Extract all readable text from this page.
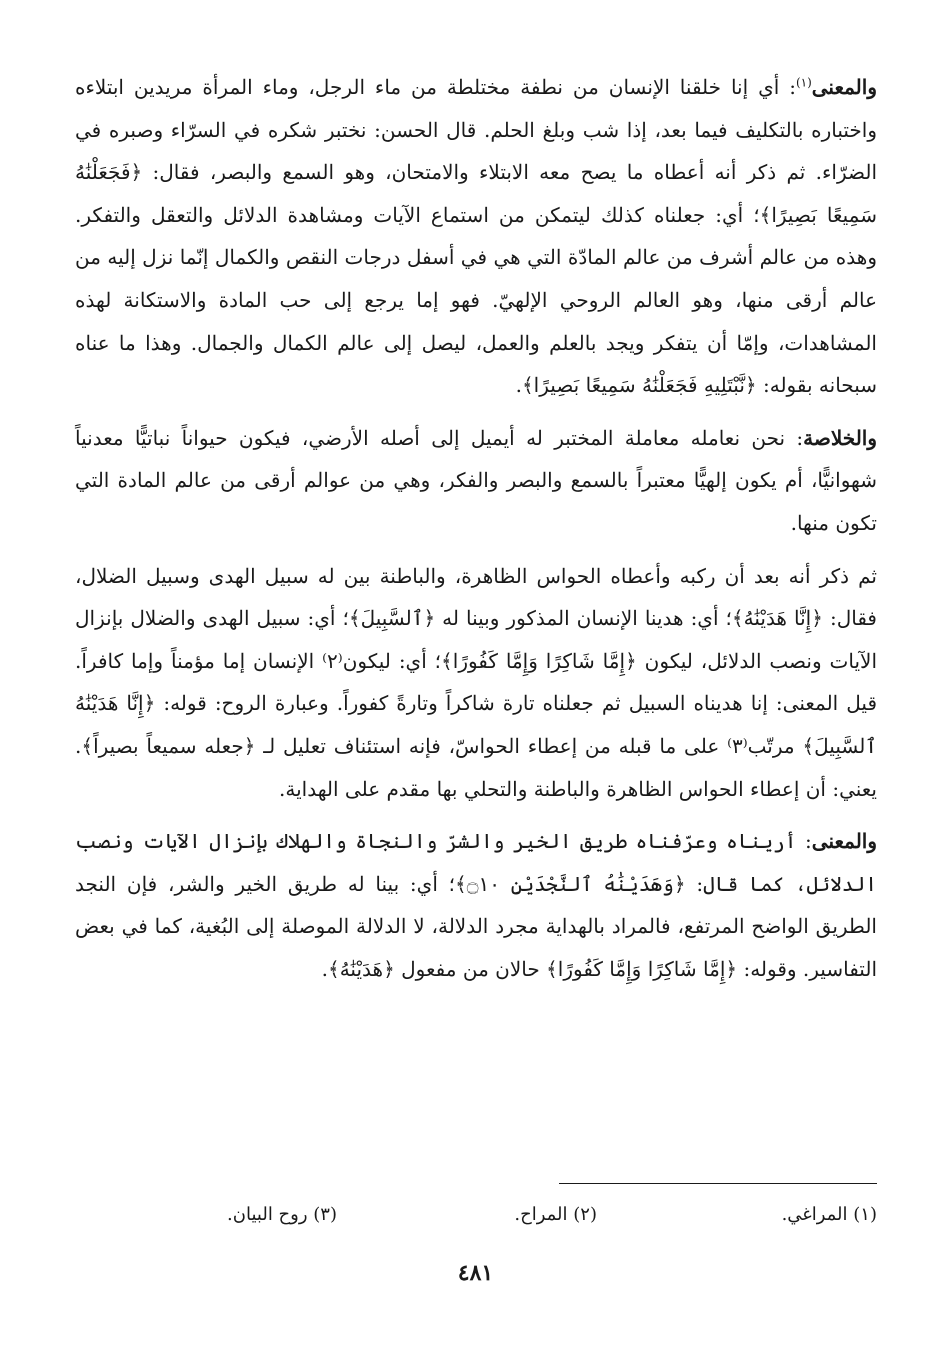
والمعنى$^{(١)}$: أي إنا خلقنا الإنسان من نطفة مختلطة من ماء الرجل، وماء المرأة مريدين ابتلاءه واختباره بالتكليف فيما بعد، إذا شب وبلغ الحلم. قال الحسن: نختبر شكره في السرّاء وصبره في الضرّاء. ثم ذكر أنه أعطاه ما يصح معه الابتلاء والامتحان، وهو السمع والبصر، فقال: ﴿فَجَعَلْنَٰهُ سَمِيعًا بَصِيرًا﴾؛ أي: جعلناه كذلك ليتمكن من استماع الآيات ومشاهدة الدلائل والتعقل والتفكر. وهذه من عالم أشرف من عالم المادّة التي هي في أسفل درجات النقص والكمال إنّما نزل إليه من عالم أرقى منها، وهو العالم الروحي الإلهيّ. فهو إما يرجع إلى حب المادة والاستكانة لهذه المشاهدات، وإمّا أن يتفكر ويجد بالعلم والعمل، ليصل إلى عالم الكمال والجمال. وهذا ما عناه سبحانه بقوله: ﴿نَّبْتَلِيهِ فَجَعَلْنَٰهُ سَمِيعًا بَصِيرًا﴾.

والخلاصة: نحن نعامله معاملة المختبر له أيميل إلى أصله الأرضي، فيكون حيواناً نباتيًّا معدنياً شهوانيًّا، أم يكون إلهيًّا معتبراً بالسمع والبصر والفكر، وهي من عوالم أرقى من عالم المادة التي تكون منها.

ثم ذكر أنه بعد أن ركبه وأعطاه الحواس الظاهرة، والباطنة بين له سبيل الهدى وسبيل الضلال، فقال: ﴿إِنَّا هَدَيْنَٰهُ﴾؛ أي: هدينا الإنسان المذكور وبينا له ﴿ٱلسَّبِيلَ﴾؛ أي: سبيل الهدى والضلال بإنزال الآيات ونصب الدلائل، ليكون ﴿إِمَّا شَاكِرًا وَإِمَّا كَفُورًا﴾؛ أي: ليكون⁽٢⁾ الإنسان إما مؤمناً وإما كافراً. قيل المعنى: إنا هديناه السبيل ثم جعلناه تارة شاكراً وتارةً كفوراً. وعبارة الروح: قوله: ﴿إِنَّا هَدَيْنَٰهُ ٱلسَّبِيلَ﴾ مرتّب⁽٣⁾ على ما قبله من إعطاء الحواسّ، فإنه استئناف تعليل لـ ﴿جعله سميعاً بصيراً﴾. يعني: أن إعطاء الحواس الظاهرة والباطنة والتحلي بها مقدم على الهداية.

والمعنى: أريناه وعرّفناه طريق الخير والشرّ والنجاة والهلاك بإنزال الآيات ونصب الدلائل، كما قال: ﴿وَهَدَيْنَٰهُ ٱلنَّجْدَيْنِ ۝١٠﴾؛ أي: بينا له طريق الخير والشر، فإن النجد الطريق الواضح المرتفع، فالمراد بالهداية مجرد الدلالة، لا الدلالة الموصلة إلى البُغية، كما في بعض التفاسير. وقوله: ﴿إِمَّا شَاكِرًا وَإِمَّا كَفُورًا﴾ حالان من مفعول ﴿هَدَيْنَٰهُ﴾.

(١) المراغي.
(٢) المراح.
(٣) روح البيان.
٤٨١
